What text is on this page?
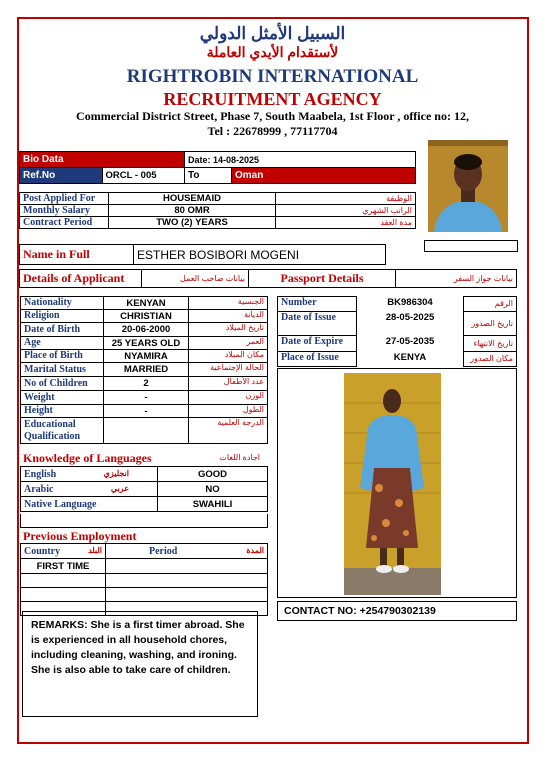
السبيل الأمثل الدولي
لأستقدام الأيدي العاملة
RIGHTROBIN INTERNATIONAL
RECRUITMENT AGENCY
Commercial District Street, Phase 7, South Maabela, 1st Floor , office no: 12,
Tel : 22678999 , 77117704
Bio Data		Date: 14-08-2025	
Ref.No	ORCL - 005	To	Oman
Post Applied For	HOUSEMAID	الوظيفة
Monthly Salary	80 OMR	الراتب الشهري
Contract Period	TWO (2) YEARS	مدة العقد
Name in Full	ESTHER BOSIBORI MOGENI
Details of Applicant	بيانات صاحب العمل	Passport Details	بيانات جواز السفر
Nationality	KENYAN	الجنسية
Religion	CHRISTIAN	الديانة
Date of Birth	20-06-2000	تاريخ الميلاد
Age	25 YEARS OLD	العمر
Place of Birth	NYAMIRA	مكان الميلاد
Marital Status	MARRIED	الحالة الإجتماعية
No of Children	2	عدد الأطفال
Weight	-	الوزن
Height	-	الطول
Educational Qualification		الدرجة العلمية
Knowledge of Languages	اجادة اللغات
English انجليزي	GOOD
Arabic عربي	NO
Native Language	SWAHILI
Previous Employment
Country البلد	Period المدة

FIRST TIME	

Number	BK986304	الرقم
Date of Issue	28-05-2025	تاريخ الصدور
Date of Expire	27-05-2035	تاريخ الانتهاء
Place of Issue	KENYA	مكان الصدور
CONTACT NO: +254790302139
REMARKS: She is a first timer abroad. She is experienced in all household chores, including cleaning, washing, and ironing. She is also able to take care of children.
